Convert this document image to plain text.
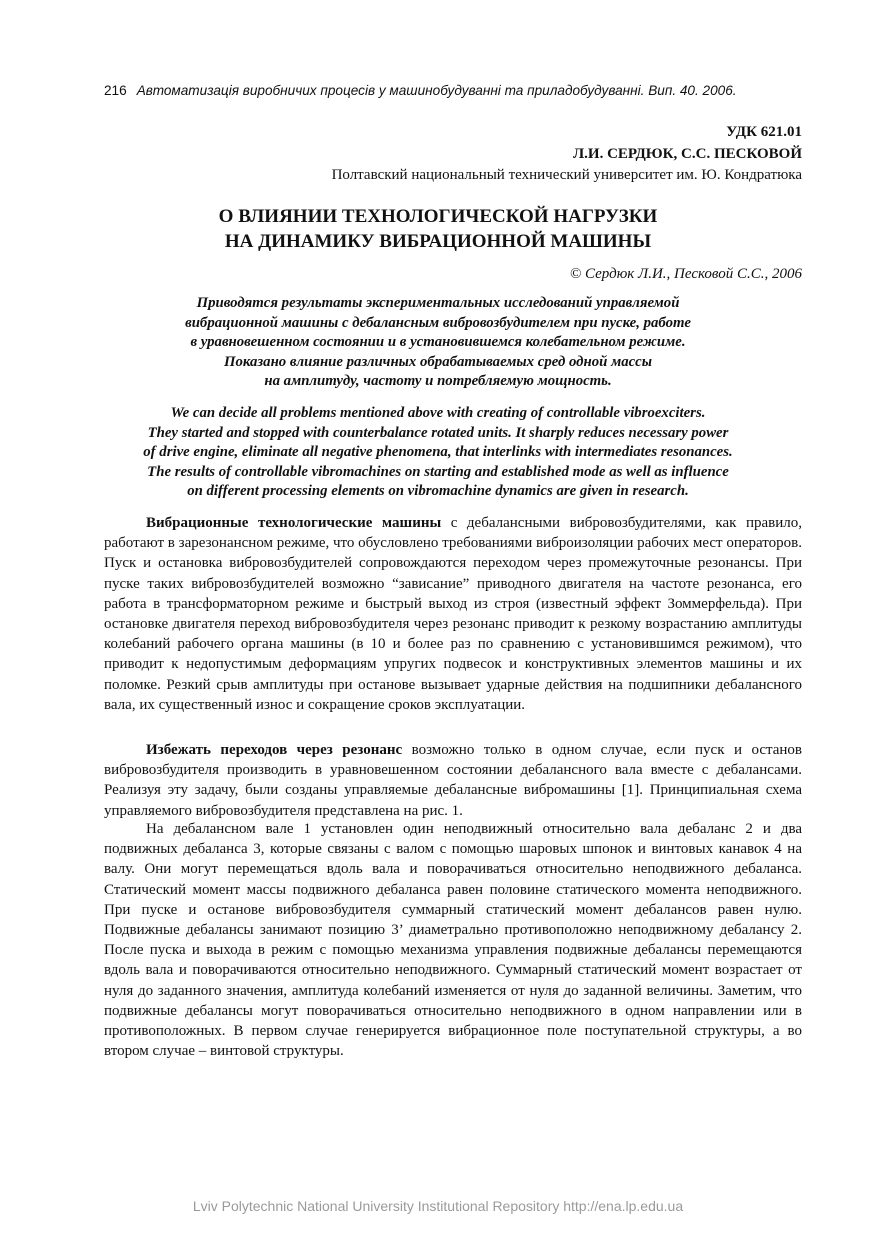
216 Автоматизація виробничих процесів у машинобудуванні та приладобудуванні. Вип. 40. 2006.
УДК 621.01
Л.И. СЕРДЮК, С.С. ПЕСКОВОЙ
Полтавский национальный технический университет им. Ю. Кондратюка
О ВЛИЯНИИ ТЕХНОЛОГИЧЕСКОЙ НАГРУЗКИ
НА ДИНАМИКУ ВИБРАЦИОННОЙ МАШИНЫ
© Сердюк Л.И., Песковой С.С., 2006
Приводятся результаты экспериментальных исследований управляемой
вибрационной машины с дебалансным вибровозбудителем при пуске, работе
в уравновешенном состоянии и в установившемся колебательном режиме.
Показано влияние различных обрабатываемых сред одной массы
на амплитуду, частоту и потребляемую мощность.
We can decide all problems mentioned above with creating of controllable vibroexciters.
They started and stopped with counterbalance rotated units. It sharply reduces necessary power
of drive engine, eliminate all negative phenomena, that interlinks with intermediates resonances.
The results of controllable vibromachines on starting and established mode as well as influence
on different processing elements on vibromachine dynamics are given in research.

Вибрационные технологические машины с дебалансными вибровозбудителями, как правило, работают в зарезонансном режиме, что обусловлено требованиями виброизоляции рабочих мест операторов. Пуск и остановка вибровозбудителей сопровождаются переходом через промежуточные резонансы. При пуске таких вибровозбудителей возможно “зависание” приводного двигателя на частоте резонанса, его работа в трансформаторном режиме и быстрый выход из строя (известный эффект Зоммерфельда). При остановке двигателя переход вибровозбудителя через резонанс приводит к резкому возрастанию амплитуды колебаний рабочего органа машины (в 10 и более раз по сравнению с установившимся режимом), что приводит к недопустимым деформациям упругих подвесок и конструктивных элементов машины и их поломке. Резкий срыв амплитуды при останове вызывает ударные действия на подшипники дебалансного вала, их существенный износ и сокращение сроков эксплуатации.

Избежать переходов через резонанс возможно только в одном случае, если пуск и останов вибровозбудителя производить в уравновешенном состоянии дебалансного вала вместе с дебалансами. Реализуя эту задачу, были созданы управляемые дебалансные вибромашины [1]. Принципиальная схема управляемого вибровозбудителя представлена на рис. 1.

На дебалансном вале 1 установлен один неподвижный относительно вала дебаланс 2 и два подвижных дебаланса 3, которые связаны с валом с помощью шаровых шпонок и винтовых канавок 4 на валу. Они могут перемещаться вдоль вала и поворачиваться относительно неподвижного дебаланса. Статический момент массы подвижного дебаланса равен половине статического момента неподвижного. При пуске и останове вибровозбудителя суммарный статический момент дебалансов равен нулю. Подвижные дебалансы занимают позицию 3’ диаметрально противоположно неподвижному дебалансу 2. После пуска и выхода в режим с помощью механизма управления подвижные дебалансы перемещаются вдоль вала и поворачиваются относительно неподвижного. Суммарный статический момент возрастает от нуля до заданного значения, амплитуда колебаний изменяется от нуля до заданной величины. Заметим, что подвижные дебалансы могут поворачиваться относительно неподвижного в одном направлении или в противоположных. В первом случае генерируется вибрационное поле поступательной структуры, а во втором случае – винтовой структуры.

Lviv Polytechnic National University Institutional Repository http://ena.lp.edu.ua
